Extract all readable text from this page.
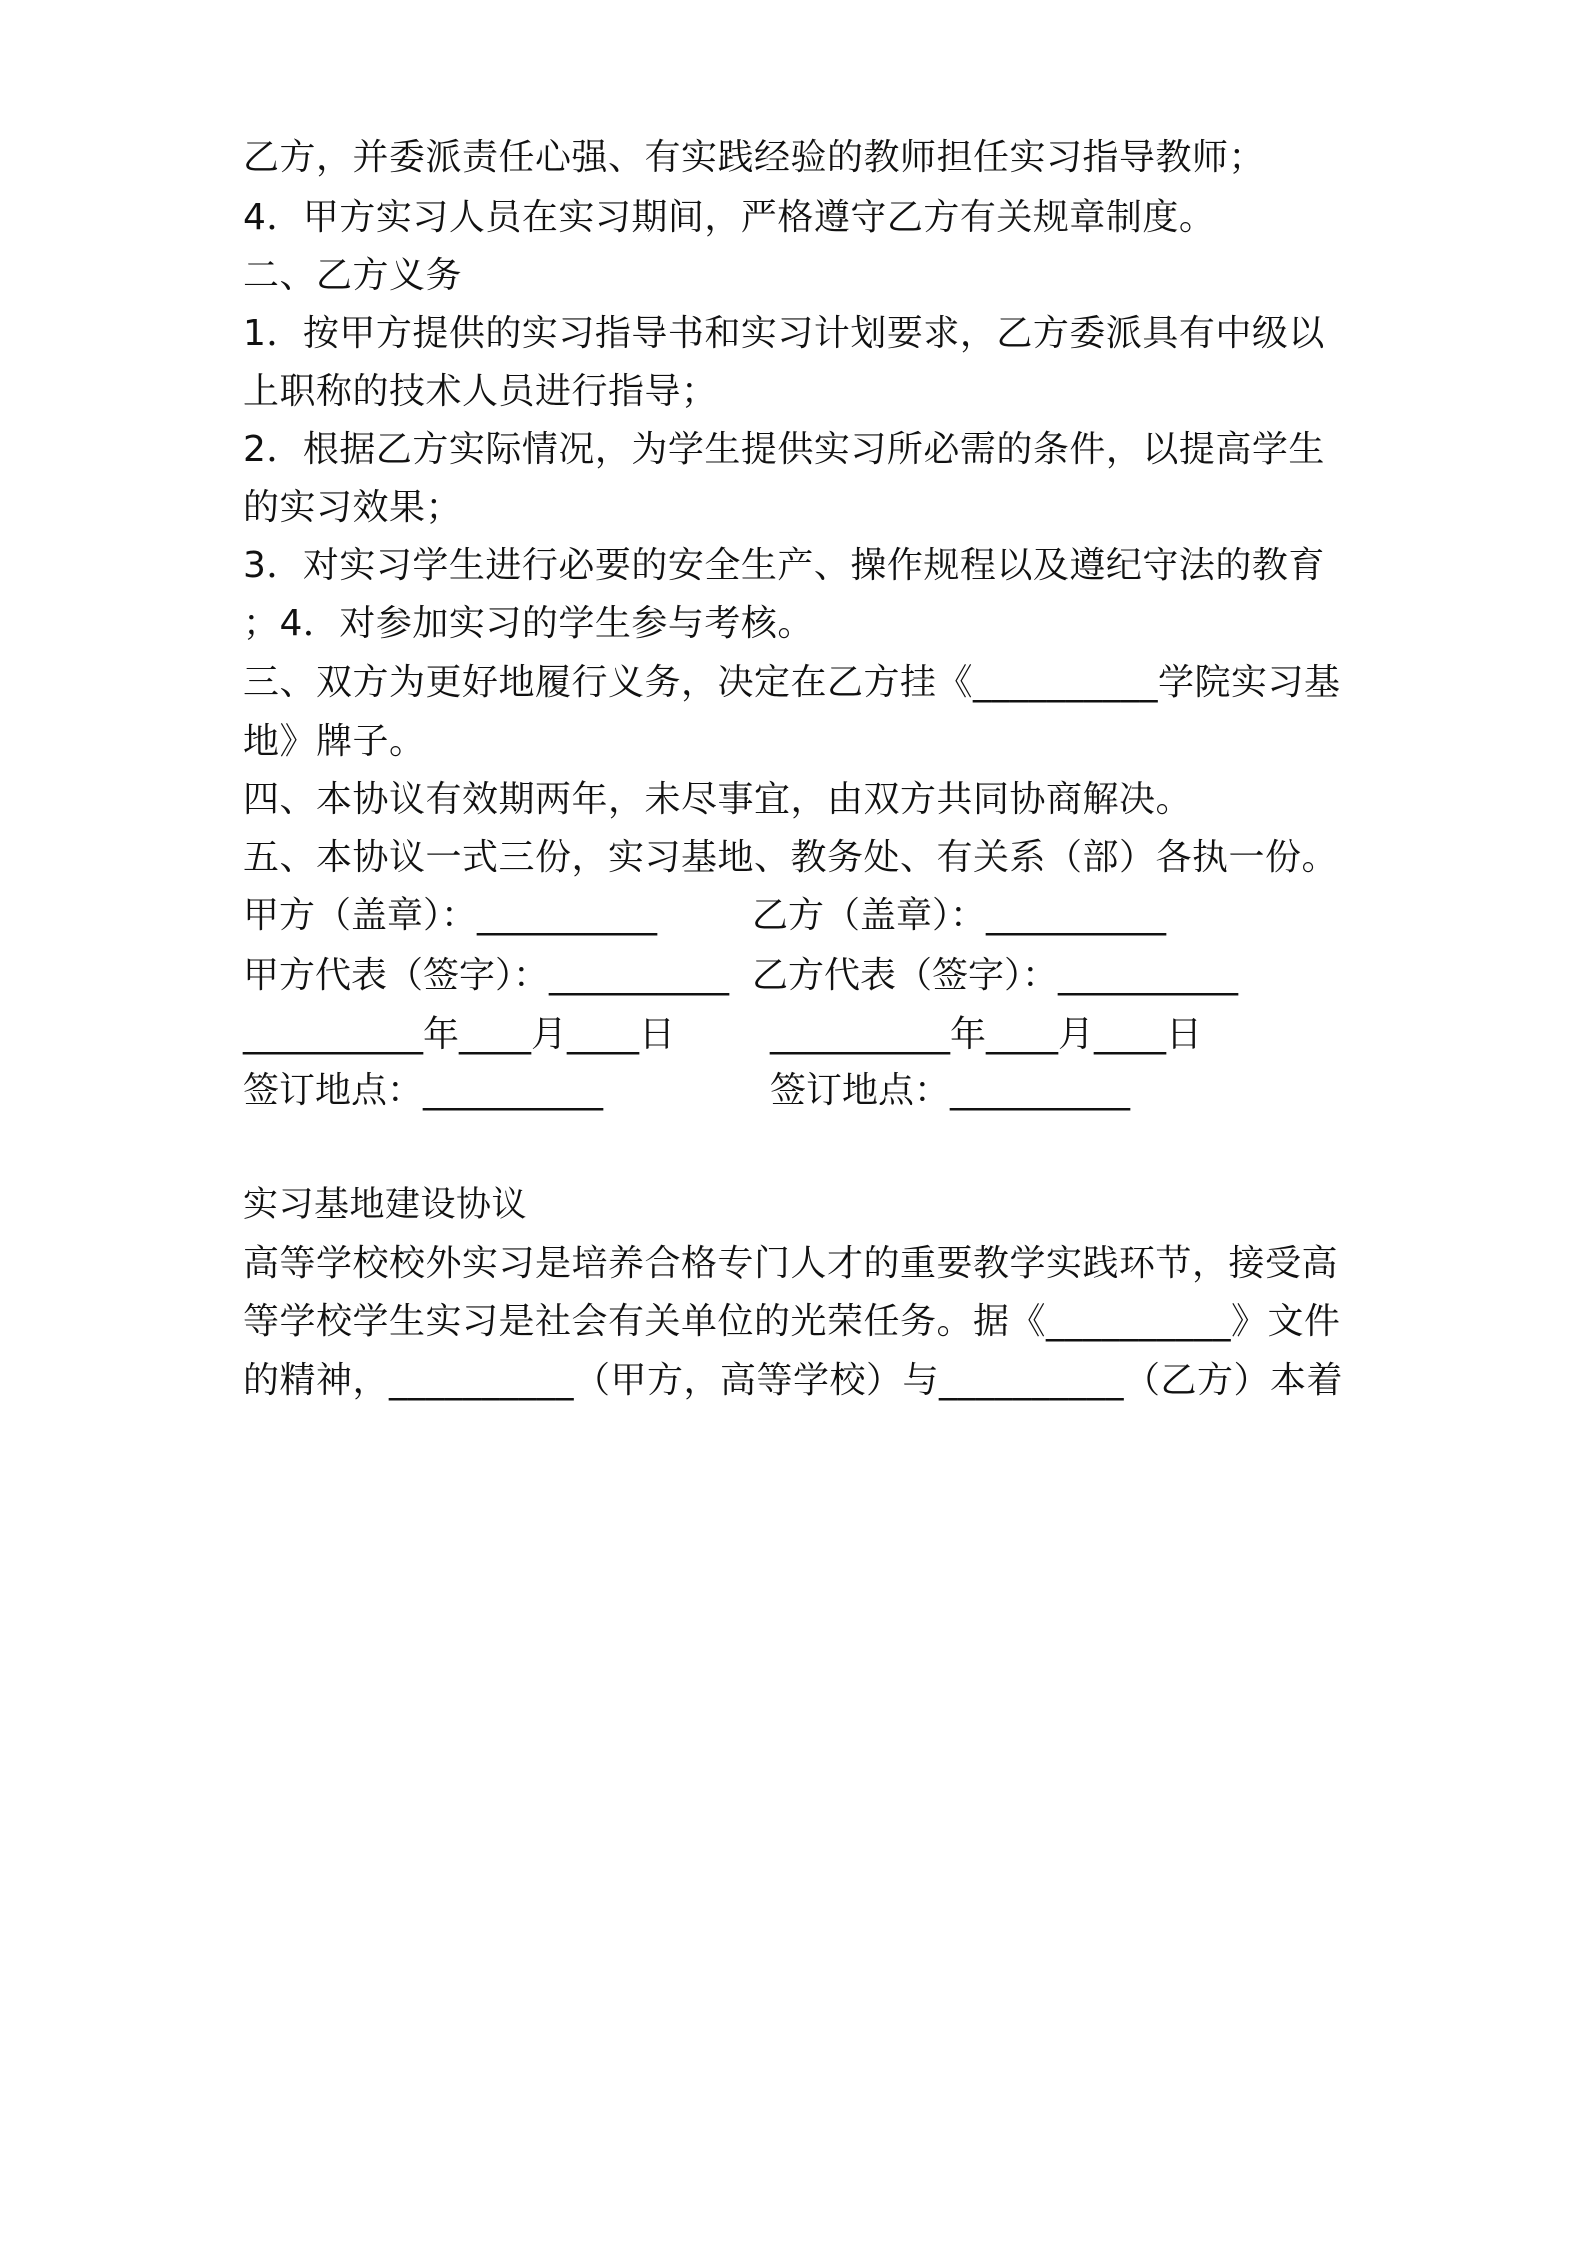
乙方，并委派责任心强、有实践经验的教师担任实习指导教师；
4．甲方实习人员在实习期间，严格遵守乙方有关规章制度。
二、乙方义务
1．按甲方提供的实习指导书和实习计划要求，乙方委派具有中级以
上职称的技术人员进行指导；
2．根据乙方实际情况，为学生提供实习所必需的条件，以提高学生
的实习效果；
3．对实习学生进行必要的安全生产、操作规程以及遵纪守法的教育
；4．对参加实习的学生参与考核。
三、双方为更好地履行义务，决定在乙方挂《__________学院实习基
地》牌子。
四、本协议有效期两年，未尽事宜，由双方共同协商解决。
五、本协议一式三份，实习基地、教务处、有关系（部）各执一份。
甲方（盖章）：__________	乙方（盖章）：__________
甲方代表（签字）：__________ 乙方代表（签字）：__________
__________年____月____日	__________年____月____日
签订地点：__________	签订地点：__________
实习基地建设协议
高等学校校外实习是培养合格专门人才的重要教学实践环节，接受高
等学校学生实习是社会有关单位的光荣任务。据《__________》文件
的精神，__________（甲方，高等学校）与__________（乙方）本着
